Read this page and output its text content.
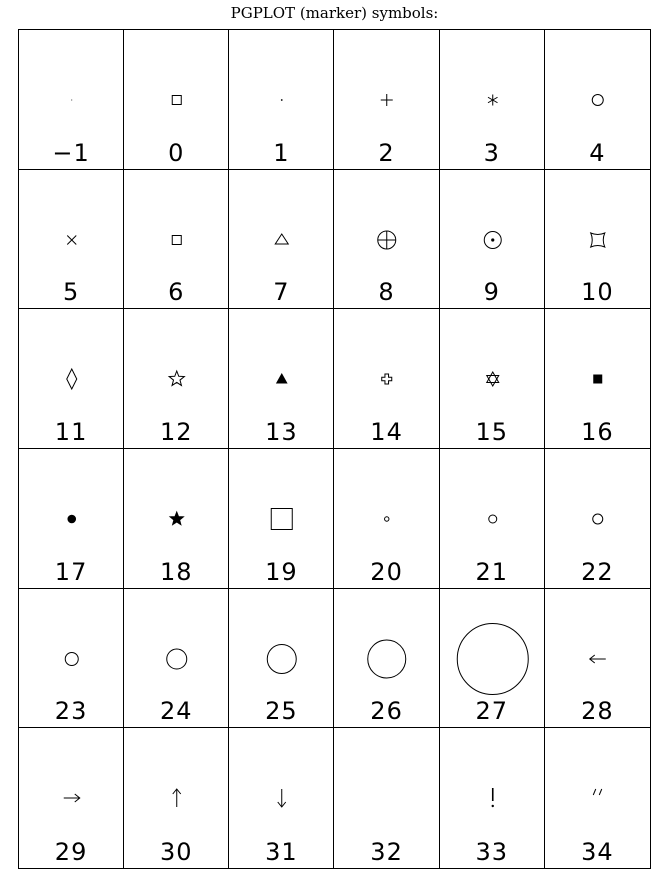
PGPLOT (marker) symbols:
−1	0	1	2	3	4
5	6	7	8	9	10
11	12	13	14	15	16
17	18	19	20	21	22
23	24	25	26	27	28
29	30	31	32	33	34
